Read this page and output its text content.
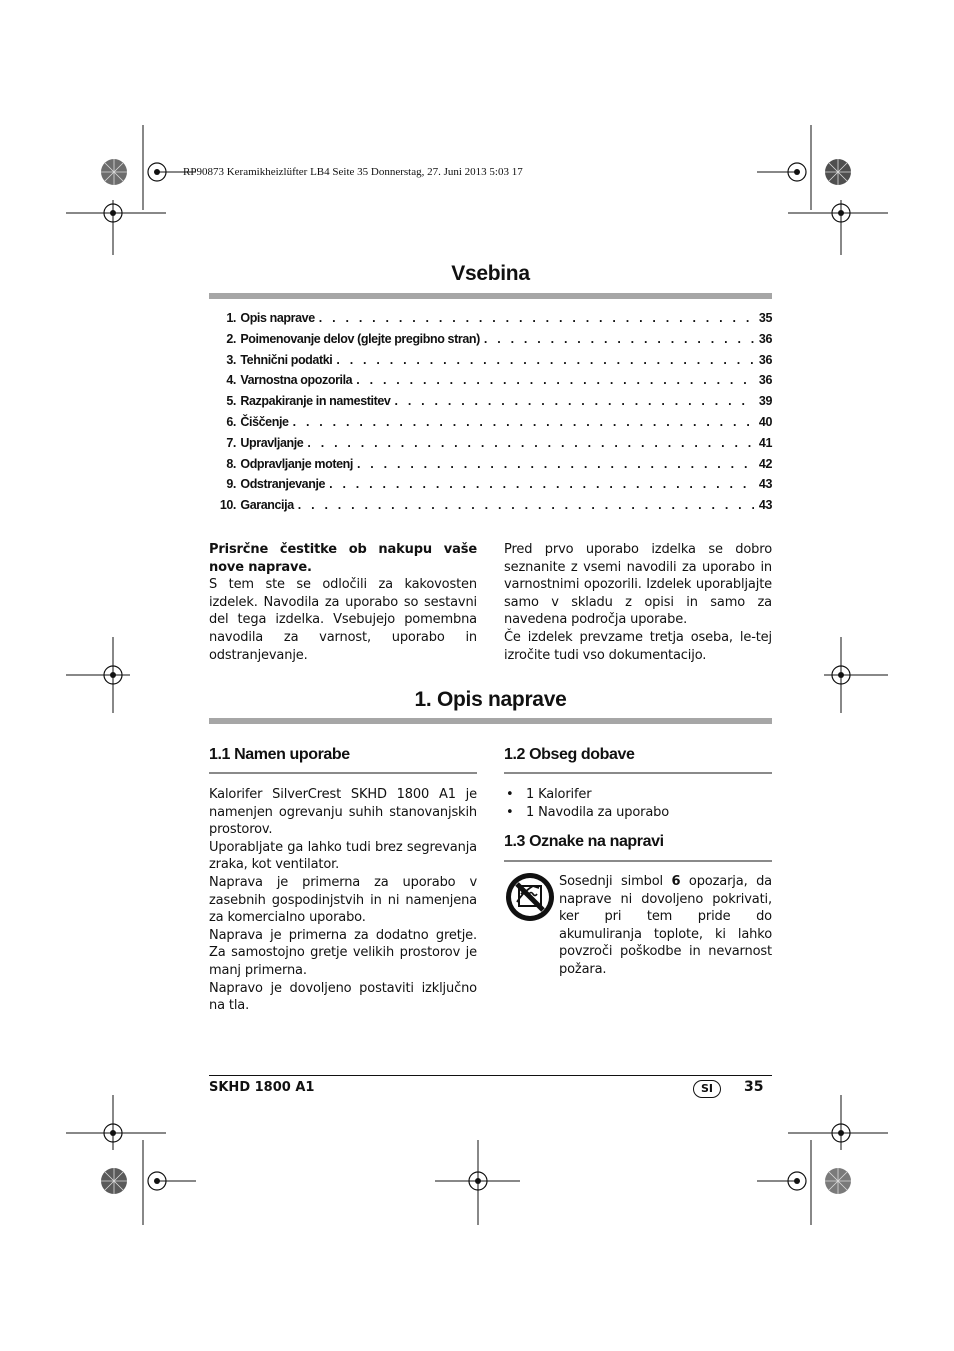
RP90873 Keramikheizlüfter LB4 Seite 35 Donnerstag, 27. Juni 2013 5:03 17
Vsebina
1. Opis naprave . . .	35
2. Poimenovanje delov (glejte pregibno stran) . . .	36
3. Tehnični podatki . . .	36
4. Varnostna opozorila . . .	36
5. Razpakiranje in namestitev . . .	39
6. Čiščenje . . .	40
7. Upravljanje . . .	41
8. Odpravljanje motenj . . .	42
9. Odstranjevanje . . .	43
10. Garancija . . .	43

Prisrčne čestitke ob nakupu vaše nove naprave.

S tem ste se odločili za kakovosten izdelek. Navodila za uporabo so sestavni del tega izdelka. Vsebujejo pomembna navodila za varnost, uporabo in odstranjevanje.

Pred prvo uporabo izdelka se dobro seznanite z vsemi navodili za uporabo in varnostnimi opozorili. Izdelek uporabljajte samo v skladu z opisi in samo za navedena področja uporabe.

Če izdelek prevzame tretja oseba, le-tej izročite tudi vso dokumentacijo.

1. Opis naprave
1.1 Namen uporabe

Kalorifer SilverCrest SKHD 1800 A1 je namenjen ogrevanju suhih stanovanjskih prostorov.

Uporabljate ga lahko tudi brez segrevanja zraka, kot ventilator.

Naprava je primerna za uporabo v zasebnih gospodinjstvih in ni namenjena za komercialno uporabo.

Naprava je primerna za dodatno gretje. Za samostojno gretje velikih prostorov je manj primerna.

Napravo je dovoljeno postaviti izključno na tla.

1.2 Obseg dobave
• 1 Kalorifer
• 1 Navodila za uporabo
1.3 Oznake na napravi

Sosednji simbol 6 opozarja, da naprave ni dovoljeno pokrivati, ker pri tem pride do akumuliranja toplote, ki lahko povzroči poškodbe in nevarnost požara.

SKHD 1800 A1	SI	35
